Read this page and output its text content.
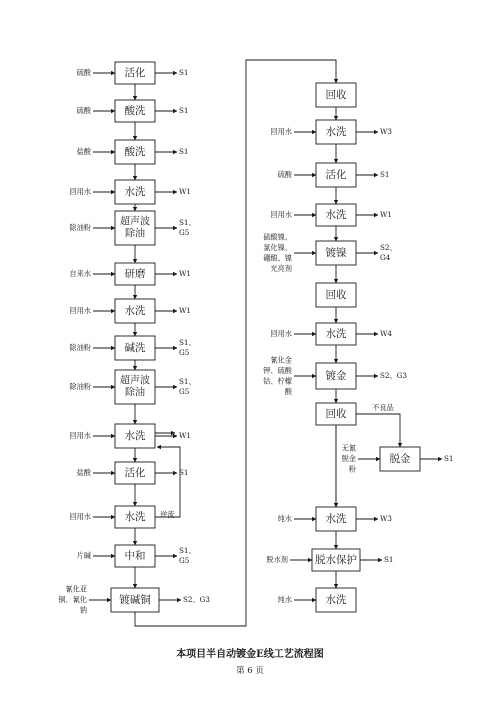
活化
硫酸	S1
酸洗
硫酸	S1
酸洗
盐酸	S1
水洗
回用水	W1
超声波除油
除油粉
S1、 G5
研磨
自来水	W1
水洗
回用水	W1
碱洗
除油粉
S1、 G5
超声波除油
除油粉
S1、 G5
水洗
回用水	W1
活化
盐酸	S1
水洗
回用水
中和
片碱
S1、 G5
镀碱铜
氰化亚铜、氰化钠
S2、G3
回收
水洗
回用水	W3
活化
硫酸	S1
水洗
回用水	W1
镀镍
硫酸镍、氯化镍、硼酸、镍光亮剂
S2、 G4
回收
水洗
回用水	W4
镀金
氰化金钾、硫酸钴、柠檬酸
S2、G3
回收
水洗
纯水	W3
脱水保护
脱水剂	S1
水洗
纯水
逆流
不良品
脱金
无氰脱金粉
S1
本项目半自动镀金E线工艺流程图
第 6 页
